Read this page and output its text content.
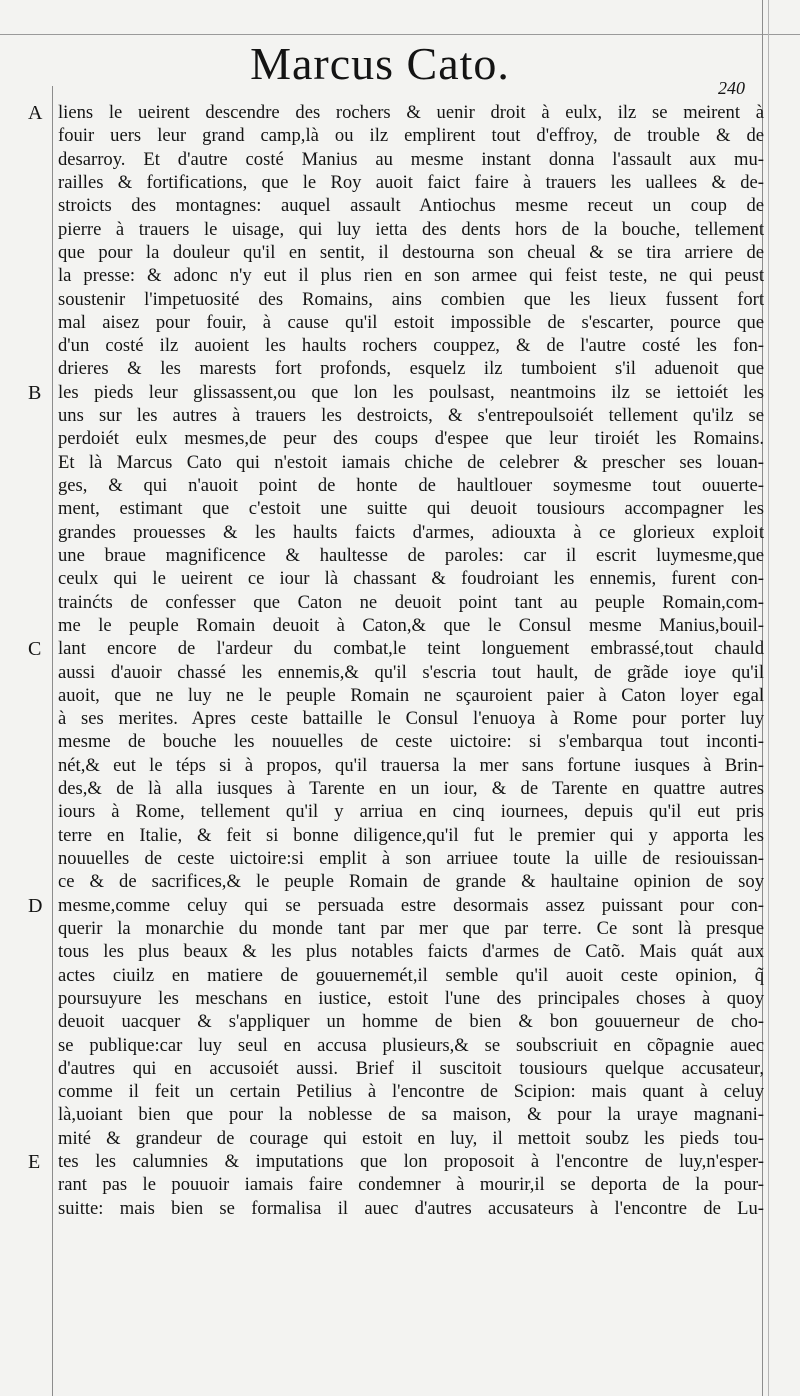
Marcus Cato.	240
A
B
C
D
E
liens le ueirent descendre des rochers & uenir droit à eulx, ilz se meirent à
fouir uers leur grand camp,là ou ilz emplirent tout d'effroy, de trouble & de
desarroy. Et d'autre costé Manius au mesme instant donna l'assault aux mu-
railles & fortifications, que le Roy auoit faict faire à trauers les uallees & de-
stroicts des montagnes: auquel assault Antiochus mesme receut un coup de
pierre à trauers le uisage, qui luy ietta des dents hors de la bouche, tellement
que pour la douleur qu'il en sentit, il destourna son cheual & se tira arriere de
la presse: & adonc n'y eut il plus rien en son armee qui feist teste, ne qui peust
soustenir l'impetuosité des Romains, ains combien que les lieux fussent fort
mal aisez pour fouir, à cause qu'il estoit impossible de s'escarter, pource que
d'un costé ilz auoient les haults rochers couppez, & de l'autre costé les fon-
drieres & les marests fort profonds, esquelz ilz tumboient s'il aduenoit que
les pieds leur glissassent,ou que lon les poulsast, neantmoins ilz se iettoiét les
uns sur les autres à trauers les destroicts, & s'entrepoulsoiét tellement qu'ilz se
perdoiét eulx mesmes,de peur des coups d'espee que leur tiroiét les Romains.
Et là Marcus Cato qui n'estoit iamais chiche de celebrer & prescher ses louan-
ges, & qui n'auoit point de honte de haultlouer soymesme tout ouuerte-
ment, estimant que c'estoit une suitte qui deuoit tousiours accompagner les
grandes prouesses & les haults faicts d'armes, adiouxta à ce glorieux exploit
une braue magnificence & haultesse de paroles: car il escrit luymesme,que
ceulx qui le ueirent ce iour là chassant & foudroiant les ennemis, furent con-
trainćts de confesser que Caton ne deuoit point tant au peuple Romain,com-
me le peuple Romain deuoit à Caton,& que le Consul mesme Manius,bouil-
lant encore de l'ardeur du combat,le teint longuement embrassé,tout chauld
aussi d'auoir chassé les ennemis,& qu'il s'escria tout hault, de grãde ioye qu'il
auoit, que ne luy ne le peuple Romain ne sçauroient paier à Caton loyer egal
à ses merites. Apres ceste battaille le Consul l'enuoya à Rome pour porter luy
mesme de bouche les nouuelles de ceste uictoire: si s'embarqua tout inconti-
nét,& eut le téps si à propos, qu'il trauersa la mer sans fortune iusques à Brin-
des,& de là alla iusques à Tarente en un iour, & de Tarente en quattre autres
iours à Rome, tellement qu'il y arriua en cinq iournees, depuis qu'il eut pris
terre en Italie, & feit si bonne diligence,qu'il fut le premier qui y apporta les
nouuelles de ceste uictoire:si emplit à son arriuee toute la uille de resiouissan-
ce & de sacrifices,& le peuple Romain de grande & haultaine opinion de soy
mesme,comme celuy qui se persuada estre desormais assez puissant pour con-
querir la monarchie du monde tant par mer que par terre. Ce sont là presque
tous les plus beaux & les plus notables faicts d'armes de Catõ. Mais quát aux
actes ciuilz en matiere de gouuernemét,il semble qu'il auoit ceste opinion, q̃
poursuyure les meschans en iustice, estoit l'une des principales choses à quoy
deuoit uacquer & s'appliquer un homme de bien & bon gouuerneur de cho-
se publique:car luy seul en accusa plusieurs,& se soubscriuit en cõpagnie auec
d'autres qui en accusoiét aussi. Brief il suscitoit tousiours quelque accusateur,
comme il feit un certain Petilius à l'encontre de Scipion: mais quant à celuy
là,uoiant bien que pour la noblesse de sa maison, & pour la uraye magnani-
mité & grandeur de courage qui estoit en luy, il mettoit soubz les pieds tou-
tes les calumnies & imputations que lon proposoit à l'encontre de luy,n'esper-
rant pas le pouuoir iamais faire condemner à mourir,il se deporta de la pour-
suitte: mais bien se formalisa il auec d'autres accusateurs à l'encontre de Lu-
